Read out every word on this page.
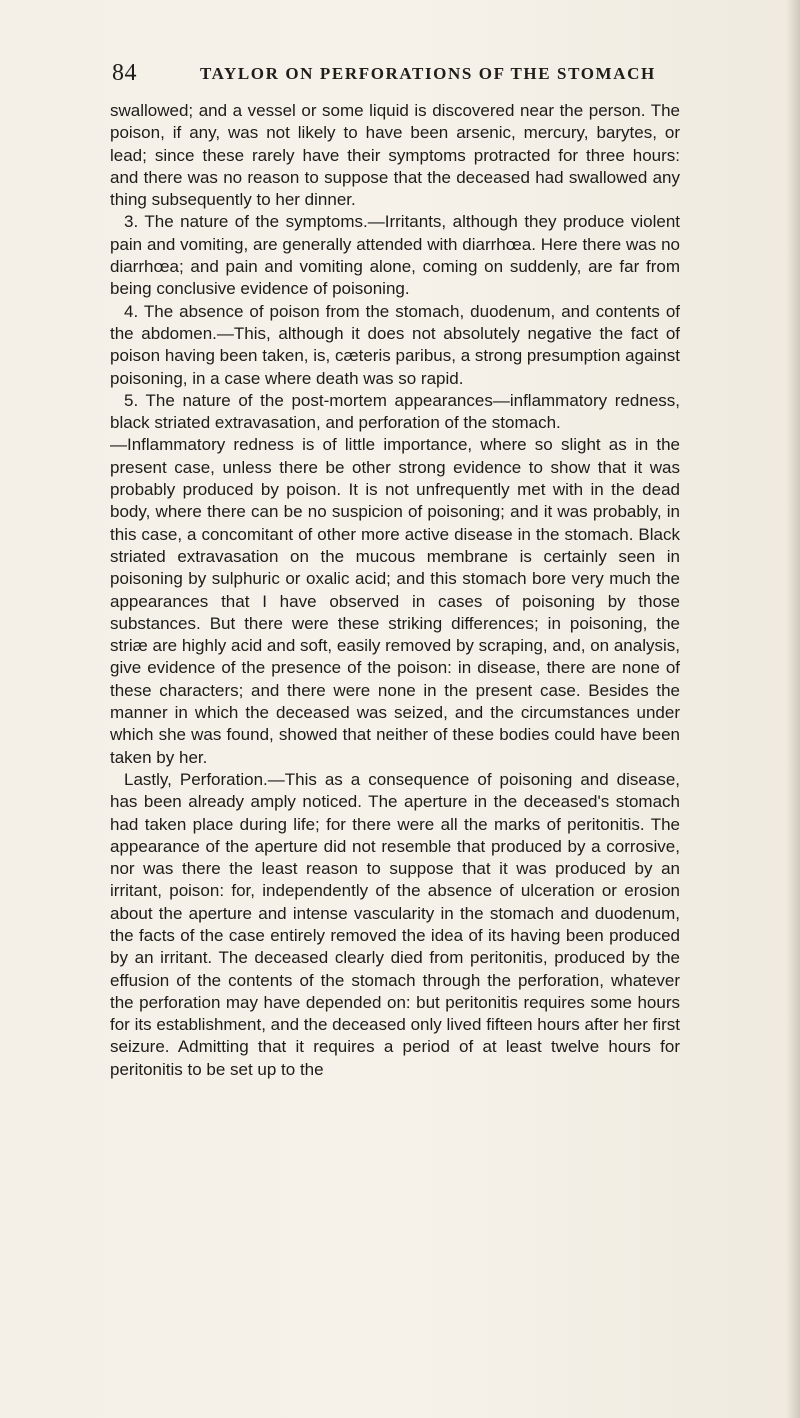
84	TAYLOR ON PERFORATIONS OF THE STOMACH

swallowed; and a vessel or some liquid is discovered near the person. The poison, if any, was not likely to have been arsenic, mercury, barytes, or lead; since these rarely have their symptoms protracted for three hours: and there was no reason to suppose that the deceased had swallowed any thing subsequently to her dinner.

3. The nature of the symptoms.—Irritants, although they produce violent pain and vomiting, are generally attended with diarrhœa. Here there was no diarrhœa; and pain and vomiting alone, coming on suddenly, are far from being conclusive evidence of poisoning.

4. The absence of poison from the stomach, duodenum, and contents of the abdomen.—This, although it does not absolutely negative the fact of poison having been taken, is, cæteris paribus, a strong presumption against poisoning, in a case where death was so rapid.

5. The nature of the post-mortem appearances—inflammatory redness, black striated extravasation, and perforation of the stomach.

—Inflammatory redness is of little importance, where so slight as in the present case, unless there be other strong evidence to show that it was probably produced by poison. It is not unfrequently met with in the dead body, where there can be no suspicion of poisoning; and it was probably, in this case, a concomitant of other more active disease in the stomach. Black striated extravasation on the mucous membrane is certainly seen in poisoning by sulphuric or oxalic acid; and this stomach bore very much the appearances that I have observed in cases of poisoning by those substances. But there were these striking differences; in poisoning, the striæ are highly acid and soft, easily removed by scraping, and, on analysis, give evidence of the presence of the poison: in disease, there are none of these characters; and there were none in the present case. Besides the manner in which the deceased was seized, and the circumstances under which she was found, showed that neither of these bodies could have been taken by her.

Lastly, Perforation.—This as a consequence of poisoning and disease, has been already amply noticed. The aperture in the deceased's stomach had taken place during life; for there were all the marks of peritonitis. The appearance of the aperture did not resemble that produced by a corrosive, nor was there the least reason to suppose that it was produced by an irritant, poison: for, independently of the absence of ulceration or erosion about the aperture and intense vascularity in the stomach and duodenum, the facts of the case entirely removed the idea of its having been produced by an irritant. The deceased clearly died from peritonitis, produced by the effusion of the contents of the stomach through the perforation, whatever the perforation may have depended on: but peritonitis requires some hours for its establishment, and the deceased only lived fifteen hours after her first seizure. Admitting that it requires a period of at least twelve hours for peritonitis to be set up to the
